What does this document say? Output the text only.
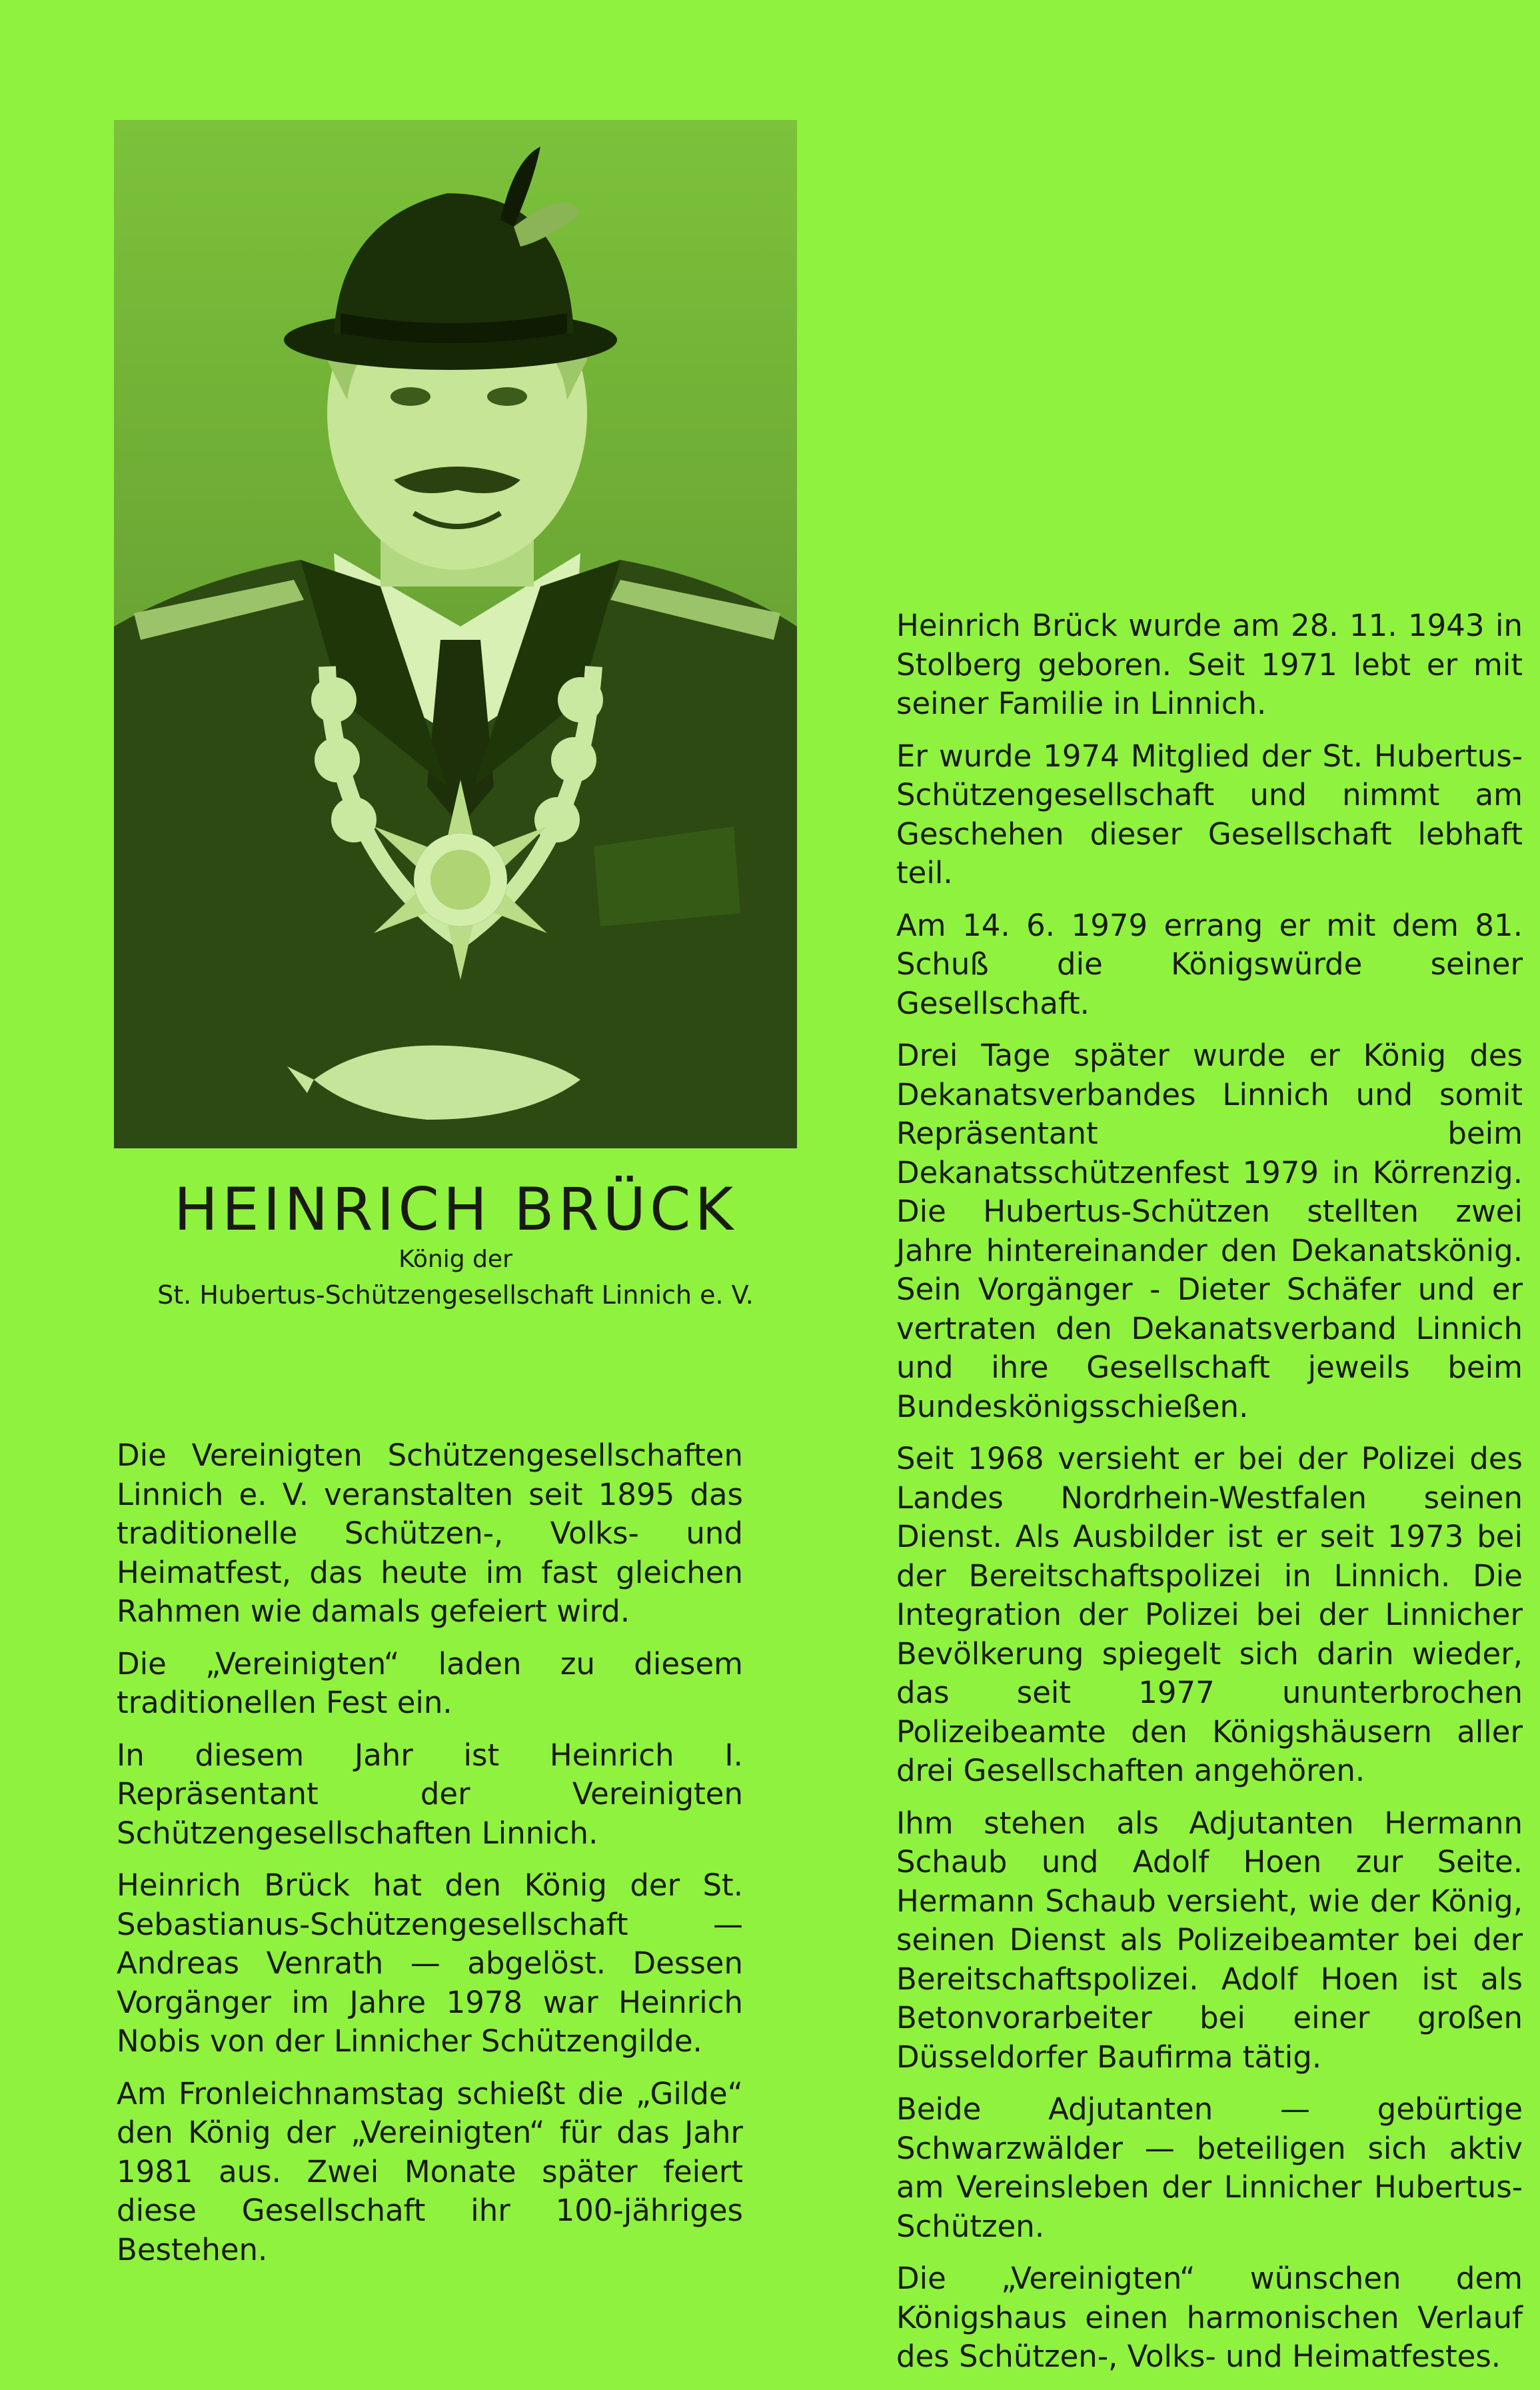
HEINRICH BRÜCK
König der
St. Hubertus-Schützengesellschaft Linnich e. V.

Die Vereinigten Schützengesellschaften Linnich e. V. veranstalten seit 1895 das traditionelle Schützen-, Volks- und Heimatfest, das heute im fast gleichen Rahmen wie damals gefeiert wird.

Die „Vereinigten“ laden zu diesem traditionellen Fest ein.

In diesem Jahr ist Heinrich I. Repräsentant der Vereinigten Schützengesellschaften Linnich.

Heinrich Brück hat den König der St. Sebastianus-Schützengesellschaft — Andreas Venrath — abgelöst. Dessen Vorgänger im Jahre 1978 war Heinrich Nobis von der Linnicher Schützengilde.

Am Fronleichnamstag schießt die „Gilde“ den König der „Vereinigten“ für das Jahr 1981 aus. Zwei Monate später feiert diese Gesellschaft ihr 100-jähriges Bestehen.

Heinrich Brück wurde am 28. 11. 1943 in Stolberg geboren. Seit 1971 lebt er mit seiner Familie in Linnich.

Er wurde 1974 Mitglied der St. Hubertus-Schützengesellschaft und nimmt am Geschehen dieser Gesellschaft lebhaft teil.

Am 14. 6. 1979 errang er mit dem 81. Schuß die Königswürde seiner Gesellschaft.

Drei Tage später wurde er König des Dekanatsverbandes Linnich und somit Repräsentant beim Dekanatsschützenfest 1979 in Körrenzig. Die Hubertus-Schützen stellten zwei Jahre hintereinander den Dekanatskönig. Sein Vorgänger - Dieter Schäfer und er vertraten den Dekanatsverband Linnich und ihre Gesellschaft jeweils beim Bundeskönigsschießen.

Seit 1968 versieht er bei der Polizei des Landes Nordrhein-Westfalen seinen Dienst. Als Ausbilder ist er seit 1973 bei der Bereitschaftspolizei in Linnich. Die Integration der Polizei bei der Linnicher Bevölkerung spiegelt sich darin wieder, das seit 1977 ununterbrochen Polizeibeamte den Königshäusern aller drei Gesellschaften angehören.

Ihm stehen als Adjutanten Hermann Schaub und Adolf Hoen zur Seite. Hermann Schaub versieht, wie der König, seinen Dienst als Polizeibeamter bei der Bereitschaftspolizei. Adolf Hoen ist als Betonvorarbeiter bei einer großen Düsseldorfer Baufirma tätig.

Beide Adjutanten — gebürtige Schwarzwälder — beteiligen sich aktiv am Vereinsleben der Linnicher Hubertus-Schützen.

Die „Vereinigten“ wünschen dem Königshaus einen harmonischen Verlauf des Schützen-, Volks- und Heimatfestes.
